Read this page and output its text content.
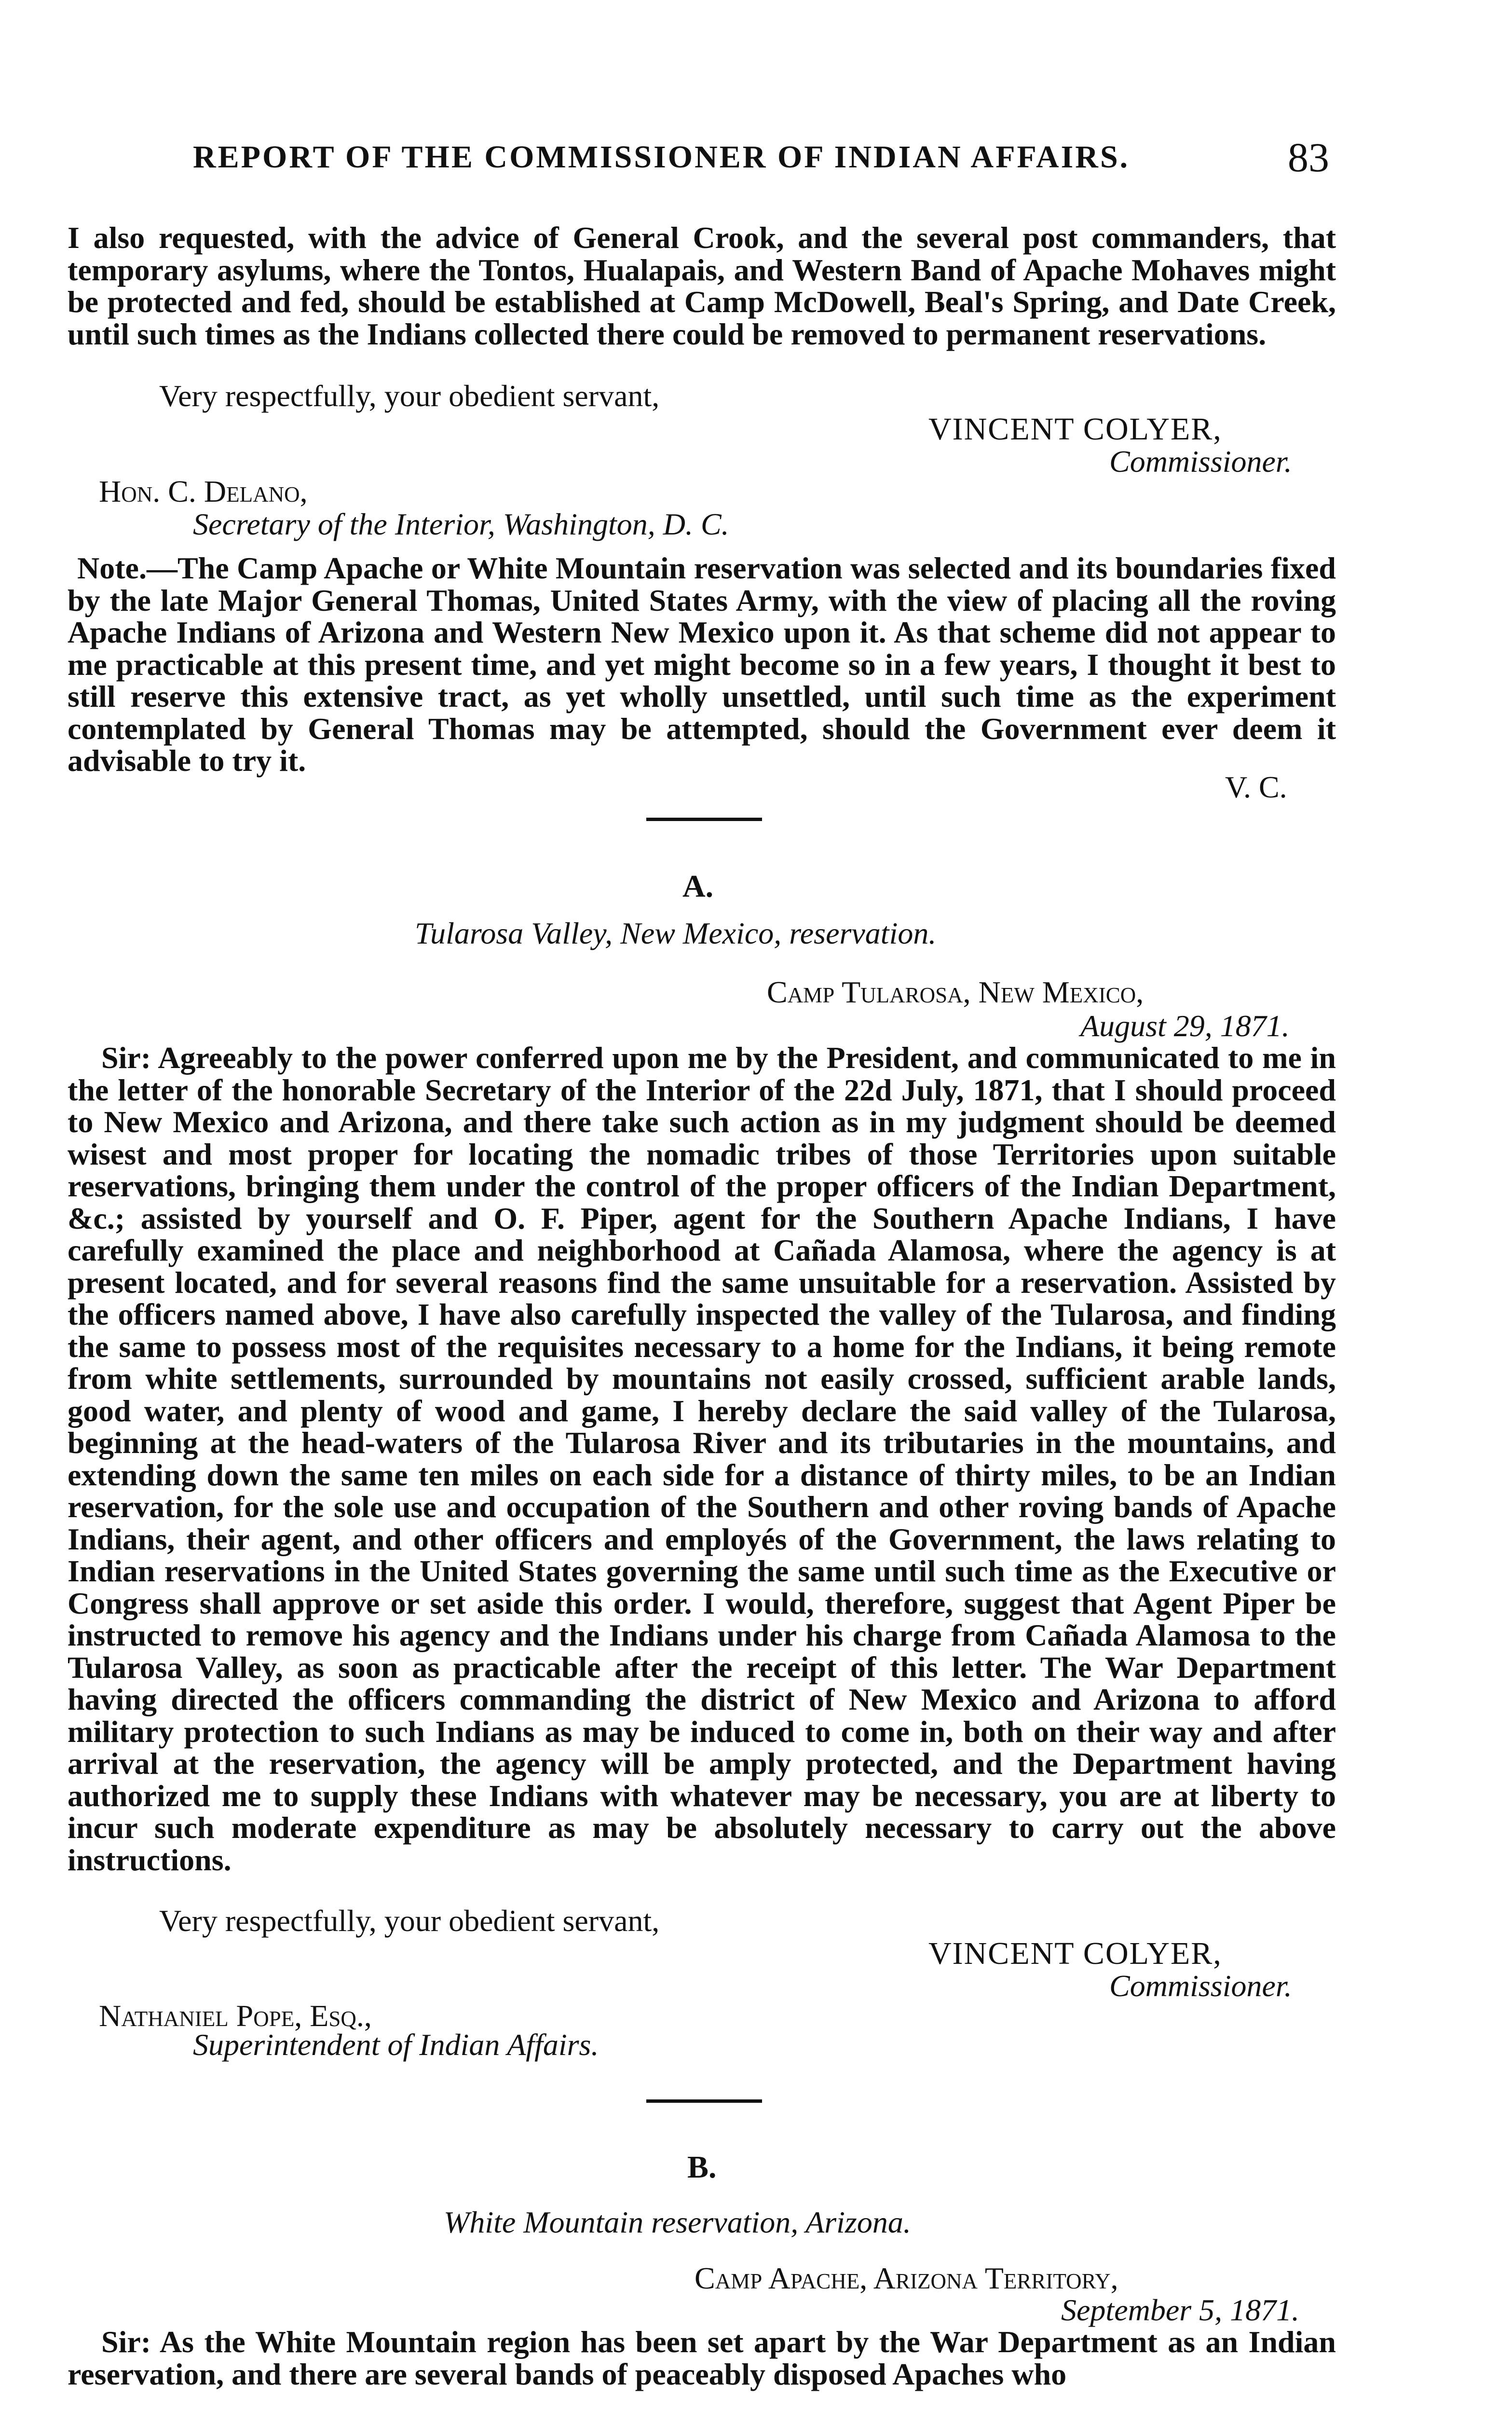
REPORT OF THE COMMISSIONER OF INDIAN AFFAIRS.	83
I also requested, with the advice of General Crook, and the several post commanders, that temporary asylums, where the Tontos, Hualapais, and Western Band of Apache Mohaves might be protected and fed, should be established at Camp McDowell, Beal's Spring, and Date Creek, until such times as the Indians collected there could be removed to permanent reservations.
Very respectfully, your obedient servant,
VINCENT COLYER,
Commissioner.
Hon. C. Delano,
Secretary of the Interior, Washington, D. C.
Note.—The Camp Apache or White Mountain reservation was selected and its boundaries fixed by the late Major General Thomas, United States Army, with the view of placing all the roving Apache Indians of Arizona and Western New Mexico upon it. As that scheme did not appear to me practicable at this present time, and yet might become so in a few years, I thought it best to still reserve this extensive tract, as yet wholly unsettled, until such time as the experiment contemplated by General Thomas may be attempted, should the Government ever deem it advisable to try it.
V. C.
A.
Tularosa Valley, New Mexico, reservation.
Camp Tularosa, New Mexico,
August 29, 1871.
Sir: Agreeably to the power conferred upon me by the President, and communicated to me in the letter of the honorable Secretary of the Interior of the 22d July, 1871, that I should proceed to New Mexico and Arizona, and there take such action as in my judgment should be deemed wisest and most proper for locating the nomadic tribes of those Territories upon suitable reservations, bringing them under the control of the proper officers of the Indian Department, &c.; assisted by yourself and O. F. Piper, agent for the Southern Apache Indians, I have carefully examined the place and neighborhood at Cañada Alamosa, where the agency is at present located, and for several reasons find the same unsuitable for a reservation. Assisted by the officers named above, I have also carefully inspected the valley of the Tularosa, and finding the same to possess most of the requisites necessary to a home for the Indians, it being remote from white settlements, surrounded by mountains not easily crossed, sufficient arable lands, good water, and plenty of wood and game, I hereby declare the said valley of the Tularosa, beginning at the head-waters of the Tularosa River and its tributaries in the mountains, and extending down the same ten miles on each side for a distance of thirty miles, to be an Indian reservation, for the sole use and occupation of the Southern and other roving bands of Apache Indians, their agent, and other officers and employés of the Government, the laws relating to Indian reservations in the United States governing the same until such time as the Executive or Congress shall approve or set aside this order. I would, therefore, suggest that Agent Piper be instructed to remove his agency and the Indians under his charge from Cañada Alamosa to the Tularosa Valley, as soon as practicable after the receipt of this letter. The War Department having directed the officers commanding the district of New Mexico and Arizona to afford military protection to such Indians as may be induced to come in, both on their way and after arrival at the reservation, the agency will be amply protected, and the Department having authorized me to supply these Indians with whatever may be necessary, you are at liberty to incur such moderate expenditure as may be absolutely necessary to carry out the above instructions.
Very respectfully, your obedient servant,
VINCENT COLYER,
Commissioner.
Nathaniel Pope, Esq.,
Superintendent of Indian Affairs.
B.
White Mountain reservation, Arizona.
Camp Apache, Arizona Territory,
September 5, 1871.
Sir: As the White Mountain region has been set apart by the War Department as an Indian reservation, and there are several bands of peaceably disposed Apaches who
